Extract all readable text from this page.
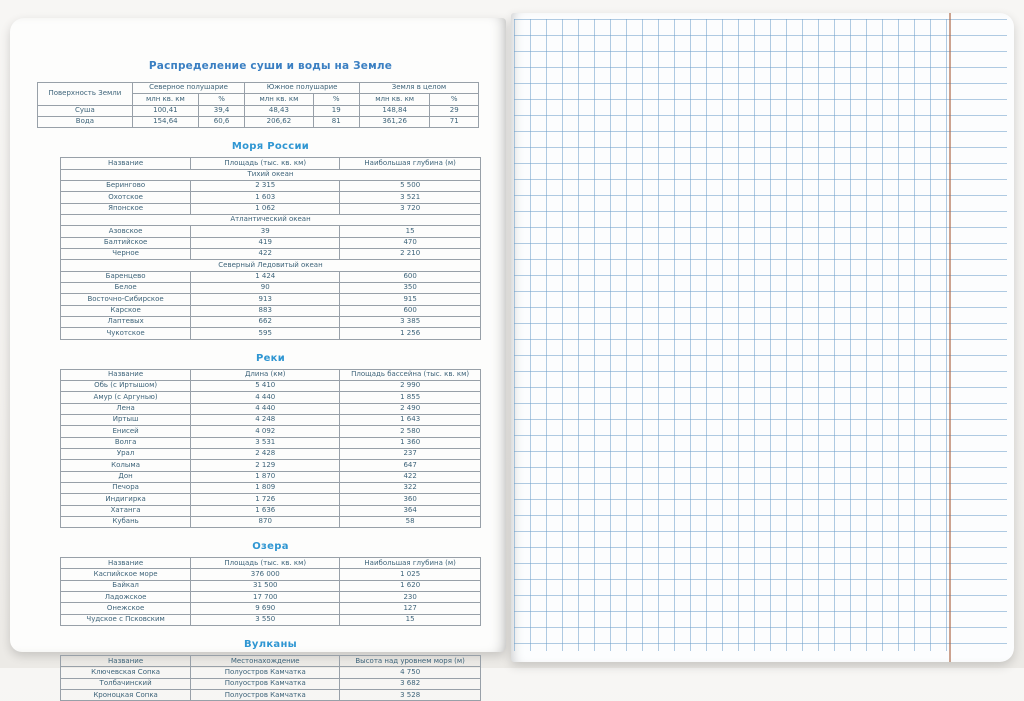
Распределение суши и воды на Земле
Поверхность Земли	Северное полушарие		Южное полушарие		Земля в целом	
	млн кв. км	%	млн кв. км	%	млн кв. км	%
Суша	100,41	39,4	48,43	19	148,84	29
Вода	154,64	60,6	206,62	81	361,26	71
Моря России
Название	Площадь (тыс. кв. км)	Наибольшая глубина (м)
Тихий океан		
Берингово	2 315	5 500
Охотское	1 603	3 521
Японское	1 062	3 720
Атлантический океан		
Азовское	39	15
Балтийское	419	470
Черное	422	2 210
Северный Ледовитый океан		
Баренцево	1 424	600
Белое	90	350
Восточно-Сибирское	913	915
Карское	883	600
Лаптевых	662	3 385
Чукотское	595	1 256
Реки
Название	Длина (км)	Площадь бассейна (тыс. кв. км)
Обь (с Иртышом)	5 410	2 990
Амур (с Аргунью)	4 440	1 855
Лена	4 440	2 490
Иртыш	4 248	1 643
Енисей	4 092	2 580
Волга	3 531	1 360
Урал	2 428	237
Колыма	2 129	647
Дон	1 870	422
Печора	1 809	322
Индигирка	1 726	360
Хатанга	1 636	364
Кубань	870	58
Озера
Название	Площадь (тыс. кв. км)	Наибольшая глубина (м)
Каспийское море	376 000	1 025
Байкал	31 500	1 620
Ладожское	17 700	230
Онежское	9 690	127
Чудское с Псковским	3 550	15
Вулканы
Название	Местонахождение	Высота над уровнем моря (м)
Ключевская Сопка	Полуостров Камчатка	4 750
Толбачинский	Полуостров Камчатка	3 682
Кроноцкая Сопка	Полуостров Камчатка	3 528
